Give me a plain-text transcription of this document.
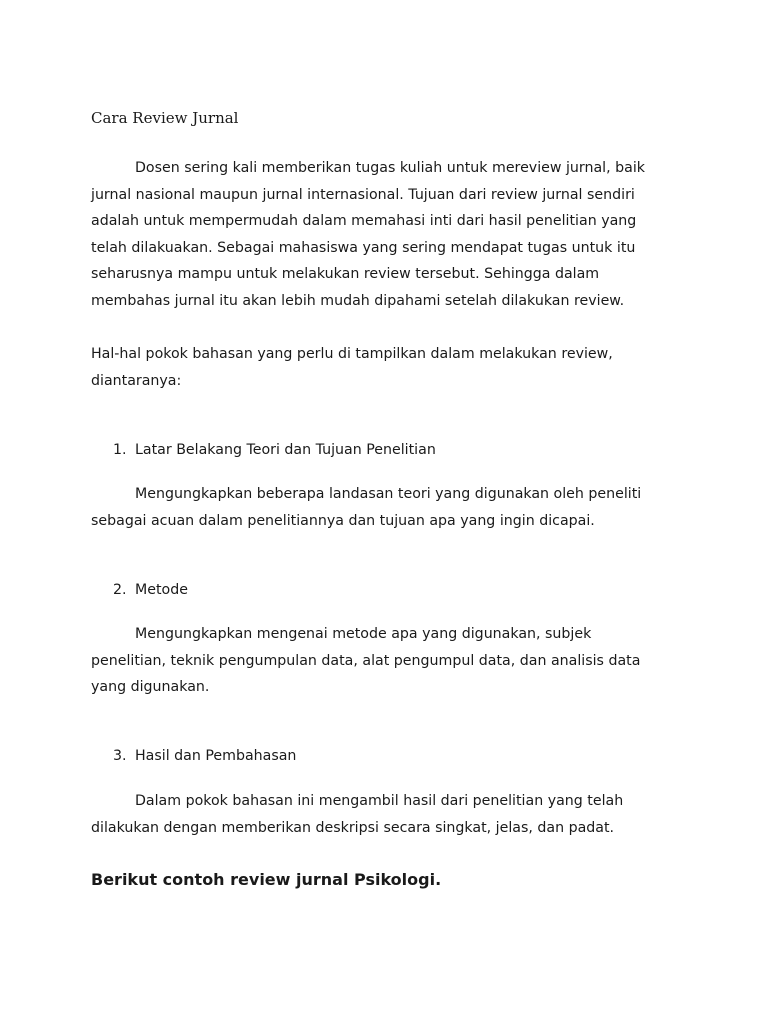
Cara Review Jurnal
Dosen sering kali memberikan tugas kuliah untuk mereview jurnal, baik
jurnal nasional maupun jurnal internasional. Tujuan dari review jurnal sendiri
adalah untuk mempermudah dalam memahasi inti dari hasil penelitian yang
telah dilakuakan. Sebagai mahasiswa yang sering mendapat tugas untuk itu
seharusnya mampu untuk melakukan review tersebut. Sehingga dalam
membahas jurnal itu akan lebih mudah dipahami setelah dilakukan review.
Hal-hal pokok bahasan yang perlu di tampilkan dalam melakukan review,
diantaranya:
1. Latar Belakang Teori dan Tujuan Penelitian
Mengungkapkan beberapa landasan teori yang digunakan oleh peneliti
sebagai acuan dalam penelitiannya dan tujuan apa yang ingin dicapai.
2. Metode
Mengungkapkan mengenai metode apa yang digunakan, subjek
penelitian, teknik pengumpulan data, alat pengumpul data, dan analisis data
yang digunakan.
3. Hasil dan Pembahasan
Dalam pokok bahasan ini mengambil hasil dari penelitian yang telah
dilakukan dengan memberikan deskripsi secara singkat, jelas, dan padat.

Berikut contoh review jurnal Psikologi.
